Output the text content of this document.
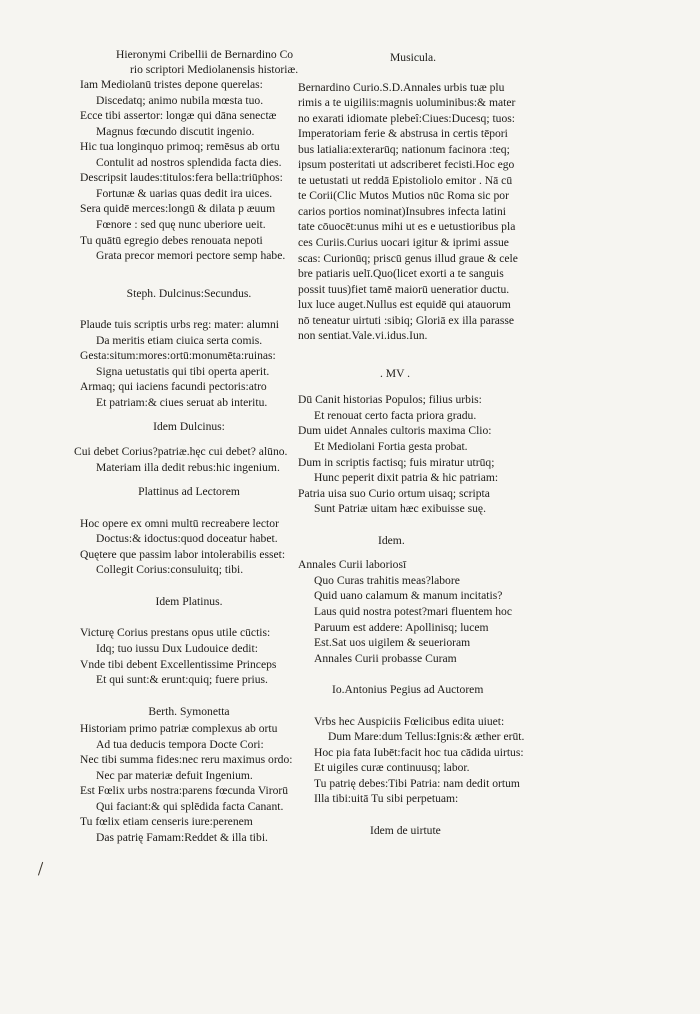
Hieronymi Cribellii de Bernardino Co
rio scriptori Mediolanensis historiæ.
Iam Mediolanū tristes depone querelas:
Discedatq; animo nubila mœsta tuo.
Ecce tibi assertor: longæ qui dāna senectæ
Magnus fœcundo discutit ingenio.
Hic tua longinquo primoq; remēsus ab ortu
Contulit ad nostros splendida facta dies.
Descripsit laudes:titulos:fera bella:triūphos:
Fortunæ & uarias quas dedit ira uices.
Sera quidē merces:longū & dilata p æuum
Fœnore : sed quę nunc uberiore ueit.
Tu quātū egregio debes renouata nepoti
Grata precor memori pectore semp habe.
Steph. Dulcinus:Secundus.
Plaude tuis scriptis urbs reg: mater: alumni
Da meritis etiam ciuica serta comis.
Gesta:situm:mores:ortū:monumēta:ruinas:
Signa uetustatis qui tibi operta aperit.
Armaq; qui iaciens facundi pectoris:atro
Et patriam:& ciues seruat ab interitu.
Idem Dulcinus:
Cui debet Corius?patriæ.hęc cui debet? alūno.
Materiam illa dedit rebus:hic ingenium.
Plattinus ad Lectorem
Hoc opere ex omni multū recreabere lector
Doctus:& idoctus:quod doceatur habet.
Quętere que passim labor intolerabilis esset:
Collegit Corius:consuluitq; tibi.
Idem Platinus.
Victurę Corius prestans opus utile cūctis:
Idq; tuo iussu Dux Ludouice dedit:
Vnde tibi debent Excellentissime Princeps
Et qui sunt:& erunt:quiq; fuere prius.
Berth. Symonetta
Historiam primo patriæ complexus ab ortu
Ad tua deducis tempora Docte Cori:
Nec tibi summa fides:nec reru maximus ordo:
Nec par materiæ defuit Ingenium.
Est Fœlix urbs nostra:parens fœcunda Virorū
Qui faciant:& qui splēdida facta Canant.
Tu fœlix etiam censeris iure:perenem
Das patrię Famam:Reddet & illa tibi.
Musicula.
Bernardino Curio.S.D.Annales urbis tuæ plu
rimis a te uigiliis:magnis uoluminibus:& mater
no exarati idiomate plebeî:Ciues:Ducesq; tuos:
Imperatoriam ferie & abstrusa in certis tēpori
bus latialia:exterarūq; nationum facinora :teq;
ipsum posteritati ut adscriberet fecisti.Hoc ego
te uetustati ut reddā Epistoliolo emitor . Nā cū
te Corii(Clic Mutos Mutios nūc Roma sic por
carios portios nominat)Insubres infecta latini
tate cōuocēt:unus mihi ut es e uetustioribus pla
ces Curiis.Curius uocari igitur & iprimi assue
scas: Curionūq; priscū genus illud graue & cele
bre patiaris uelī.Quo(licet exorti a te sanguis
possit tuus)fiet tamē maiorū ueneratior ductu.
lux luce auget.Nullus est equidē qui atauorum
nō teneatur uirtuti :sibiq; Gloriā ex illa parasse
non sentiat.Vale.vi.idus.Iun.
. MV .
Dū Canit historias Populos; filius urbis:
Et renouat certo facta priora gradu.
Dum uidet Annales cultoris maxima Clio:
Et Mediolani Fortia gesta probat.
Dum in scriptis factisq; fuis miratur utrūq;
Hunc peperit dixit patria & hic patriam:
Patria uisa suo Curio ortum uisaq; scripta
Sunt Patriæ uitam hæc exibuisse suę.
Idem.
Annales Curii laboriosī
Quo Curas trahitis meas?labore
Quid uano calamum & manum incitatis?
Laus quid nostra potest?mari fluentem hoc
Paruum est addere: Apollinisq; lucem
Est.Sat uos uigilem & seuerioram
Annales Curii probasse Curam
Io.Antonius Pegius ad Auctorem
Vrbs hec Auspiciis Fœlicibus edita uiuet:
Dum Mare:dum Tellus:Ignis:& æther erūt.
Hoc pia fata Iubēt:facit hoc tua cādida uirtus:
Et uigiles curæ continuusq; labor.
Tu patrię debes:Tibi Patria: nam dedit ortum
Illa tibi:uitā Tu sibi perpetuam:
Idem de uirtute
